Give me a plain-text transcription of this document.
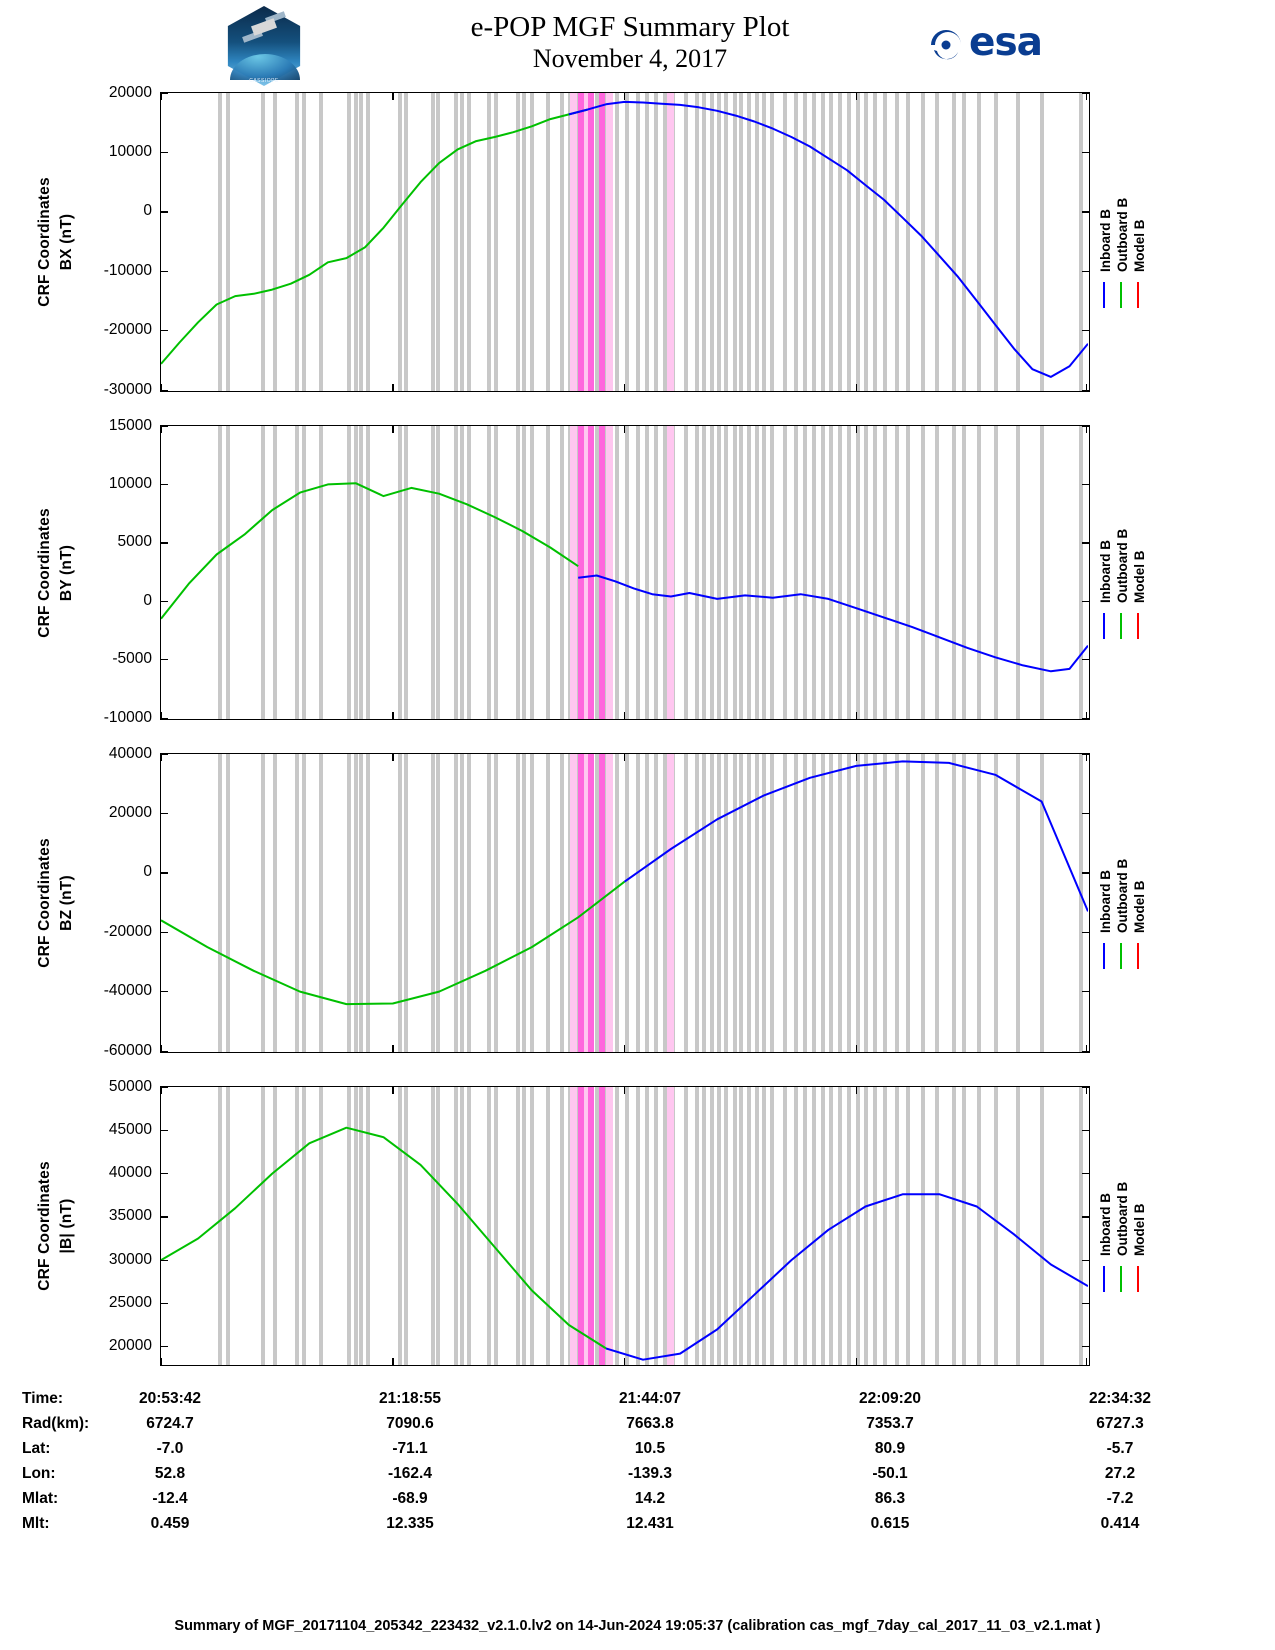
CASSIOPE
e-POP MGF Summary Plot
November 4, 2017	esa
-30000
-20000
-10000
0
10000
20000
CRF Coordinates BX (nT)	Inboard B Outboard B Model B
-10000
-5000
0
5000
10000
15000
CRF Coordinates BY (nT)	Inboard B Outboard B Model B
-60000
-40000
-20000
0
20000
40000
CRF Coordinates BZ (nT)	Inboard B Outboard B Model B
20000
25000
30000
35000
40000
45000
50000
CRF Coordinates |B| (nT)	Inboard B Outboard B Model B
Time:	20:53:42	21:18:55	21:44:07	22:09:20	22:34:32
Rad(km):	6724.7	7090.6	7663.8	7353.7	6727.3
Lat:	-7.0	-71.1	10.5	80.9	-5.7
Lon:	52.8	-162.4	-139.3	-50.1	27.2
Mlat:	-12.4	-68.9	14.2	86.3	-7.2
Mlt:	0.459	12.335	12.431	0.615	0.414
Summary of MGF_20171104_205342_223432_v2.1.0.lv2 on 14-Jun-2024 19:05:37 (calibration cas_mgf_7day_cal_2017_11_03_v2.1.mat )
